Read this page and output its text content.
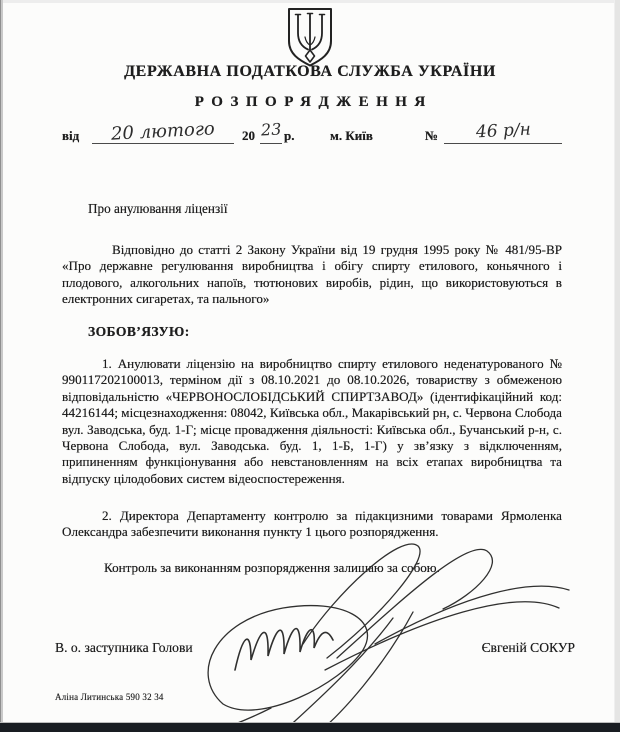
ДЕРЖАВНА ПОДАТКОВА СЛУЖБА УКРАЇНИ
РОЗПОРЯДЖЕННЯ
від	20 лютого	20 23 р.	м. Київ	№	46 р/н
Про анулювання ліцензії

Відповідно до статті 2 Закону України від 19 грудня 1995 року № 481/95-ВР «Про державне регулювання виробництва і обігу спирту етилового, коньячного і плодового, алкогольних напоїв, тютюнових виробів, рідин, що використовуються в електронних сигаретах, та пального»

ЗОБОВ’ЯЗУЮ:

1. Анулювати ліцензію на виробництво спирту етилового неденатурованого № 990117202100013, терміном дії з 08.10.2021 до 08.10.2026, товариству з обмеженою відповідальністю «ЧЕРВОНОСЛОБІДСЬКИЙ СПИРТЗАВОД» (ідентифікаційний код: 44216144; місцезнаходження: 08042, Київська обл., Макарівський рн, с. Червона Слобода вул. Заводська, буд. 1-Г; місце провадження діяльності: Київська обл., Бучанський р-н, с. Червона Слобода, вул. Заводська. буд. 1, 1-Б, 1-Г) у зв’язку з відключенням, припиненням функціонування або невстановленням на всіх етапах виробництва та відпуску цілодобових систем відеоспостереження.

2. Директора Департаменту контролю за підакцизними товарами Ярмоленка Олександра забезпечити виконання пункту 1 цього розпорядження.

Контроль за виконанням розпорядження залишаю за собою.

В. о. заступника Голови	Євгеній СОКУР
Аліна Литинська 590 32 34
